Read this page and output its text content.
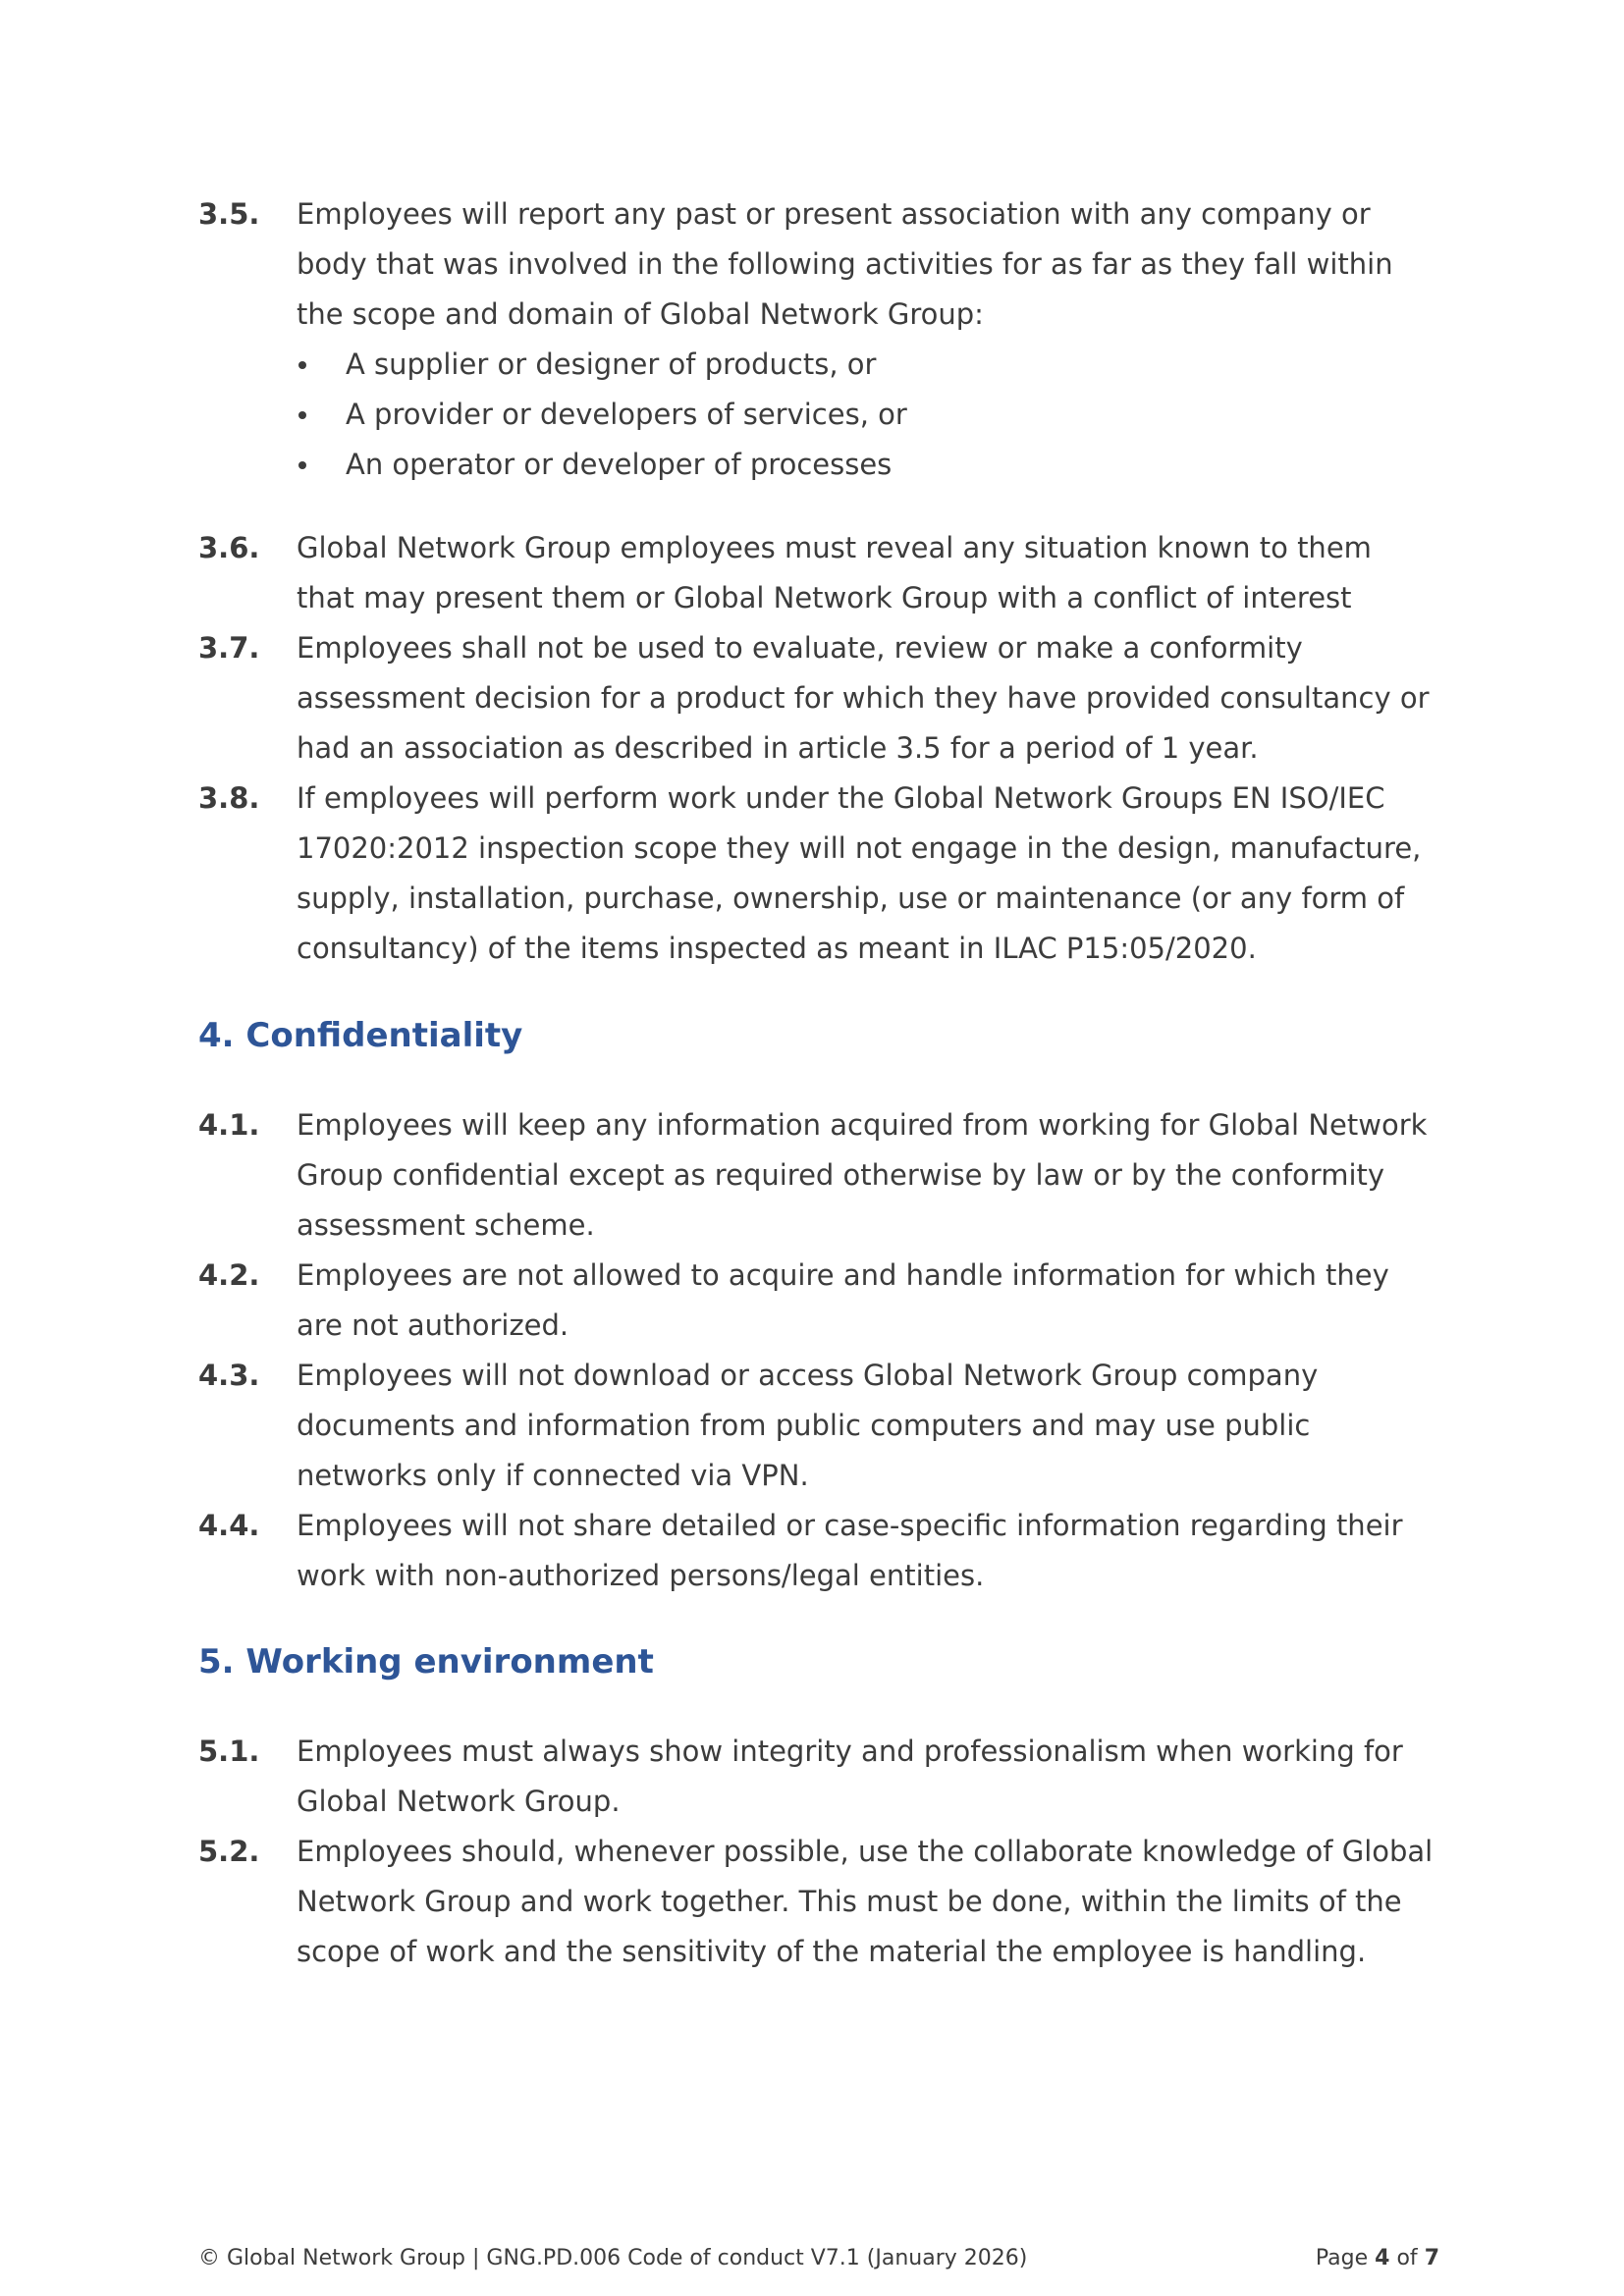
3.5. Employees will report any past or present association with any company or body that was involved in the following activities for as far as they fall within the scope and domain of Global Network Group:
A supplier or designer of products, or
A provider or developers of services, or
An operator or developer of processes
3.6. Global Network Group employees must reveal any situation known to them that may present them or Global Network Group with a conflict of interest
3.7. Employees shall not be used to evaluate, review or make a conformity assessment decision for a product for which they have provided consultancy or had an association as described in article 3.5 for a period of 1 year.
3.8. If employees will perform work under the Global Network Groups EN ISO/IEC 17020:2012 inspection scope they will not engage in the design, manufacture, supply, installation, purchase, ownership, use or maintenance (or any form of consultancy) of the items inspected as meant in ILAC P15:05/2020.
4. Confidentiality
4.1. Employees will keep any information acquired from working for Global Network Group confidential except as required otherwise by law or by the conformity assessment scheme.
4.2. Employees are not allowed to acquire and handle information for which they are not authorized.
4.3. Employees will not download or access Global Network Group company documents and information from public computers and may use public networks only if connected via VPN.
4.4. Employees will not share detailed or case-specific information regarding their work with non-authorized persons/legal entities.
5. Working environment
5.1. Employees must always show integrity and professionalism when working for Global Network Group.
5.2. Employees should, whenever possible, use the collaborate knowledge of Global Network Group and work together. This must be done, within the limits of the scope of work and the sensitivity of the material the employee is handling.
© Global Network Group | GNG.PD.006 Code of conduct V7.1 (January 2026)	Page 4 of 7
